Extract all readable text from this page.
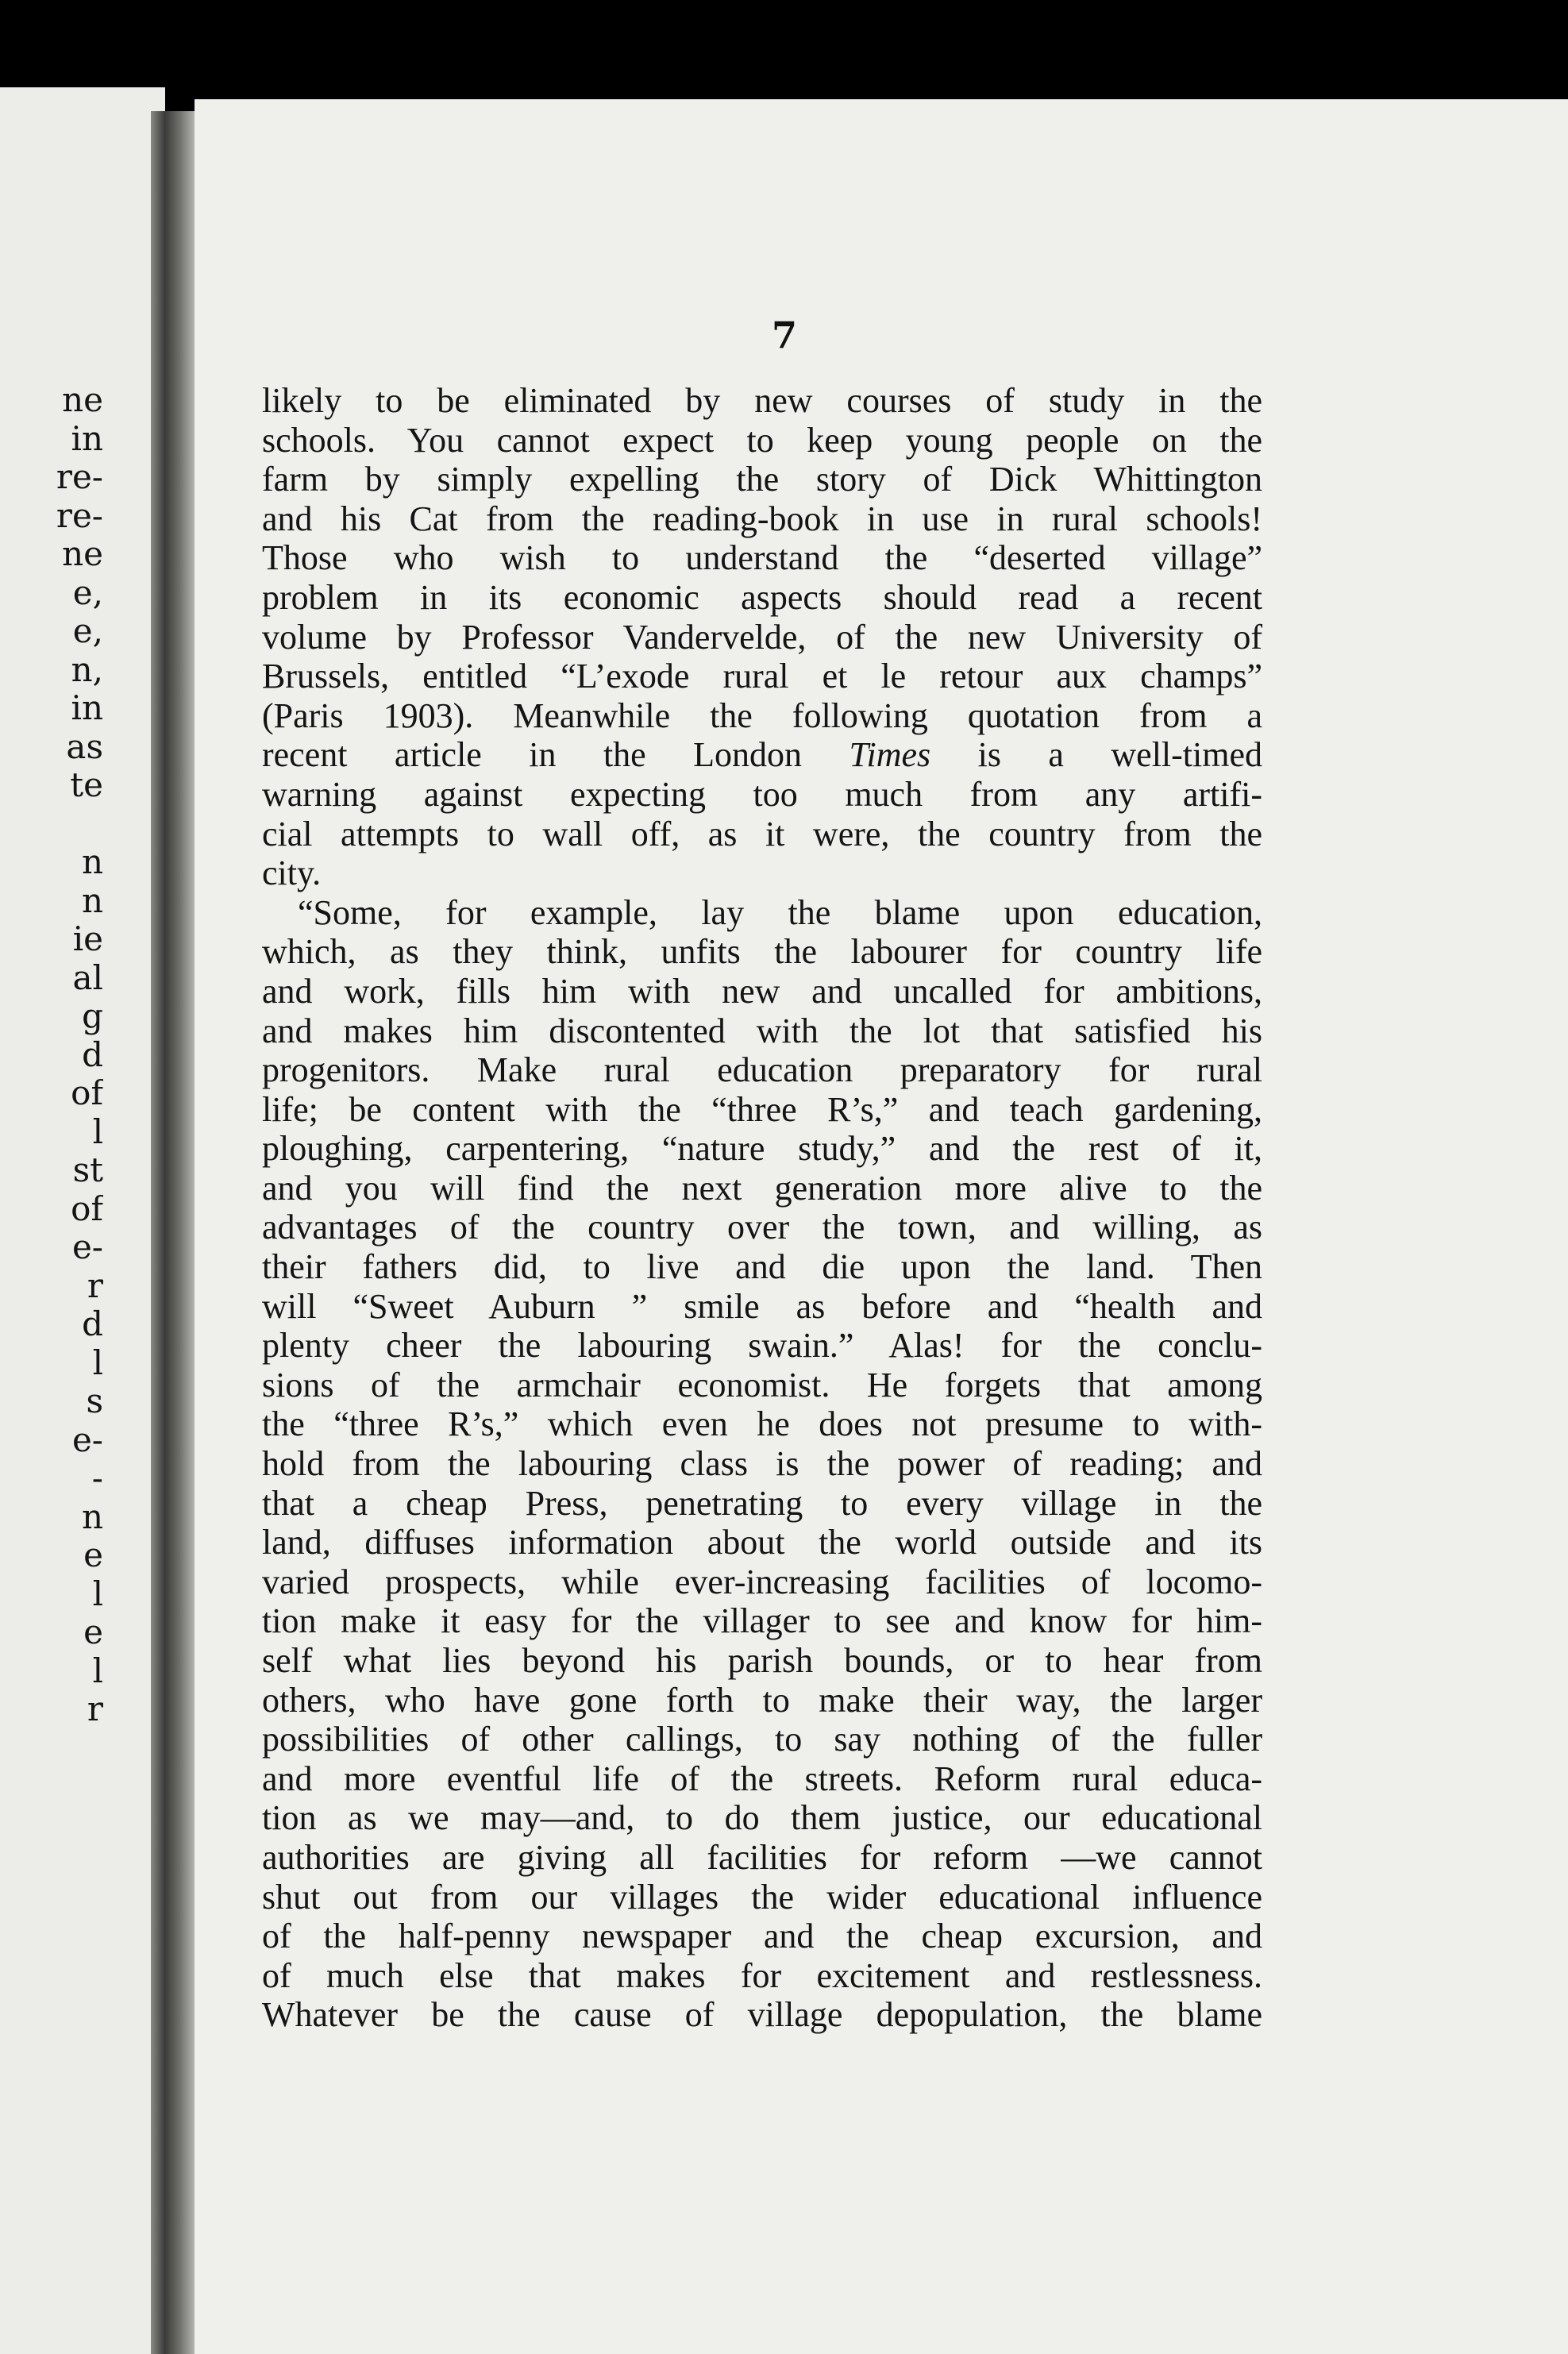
ne
in
re-
re-
ne
e,
e,
n,
in
as
te
n
n
ie
al
g
d
of
l
st
of
e-
r
d
l
s
e-
-
n
e
l
e
l
r
7
likely to be eliminated by new courses of study in the
schools. You cannot expect to keep young people on the
farm by simply expelling the story of Dick Whittington
and his Cat from the reading-book in use in rural schools!
Those who wish to understand the “deserted village”
problem in its economic aspects should read a recent
volume by Professor Vandervelde, of the new University of
Brussels, entitled “L’exode rural et le retour aux champs”
(Paris 1903). Meanwhile the following quotation from a
recent article in the London Times is a well-timed
warning against expecting too much from any artifi-
cial attempts to wall off, as it were, the country from the
city.
“Some, for example, lay the blame upon education,
which, as they think, unfits the labourer for country life
and work, fills him with new and uncalled for ambitions,
and makes him discontented with the lot that satisfied his
progenitors. Make rural education preparatory for rural
life; be content with the “three R’s,” and teach gardening,
ploughing, carpentering, “nature study,” and the rest of it,
and you will find the next generation more alive to the
advantages of the country over the town, and willing, as
their fathers did, to live and die upon the land. Then
will “Sweet Auburn ” smile as before and “health and
plenty cheer the labouring swain.” Alas! for the conclu-
sions of the armchair economist. He forgets that among
the “three R’s,” which even he does not presume to with-
hold from the labouring class is the power of reading; and
that a cheap Press, penetrating to every village in the
land, diffuses information about the world outside and its
varied prospects, while ever-increasing facilities of locomo-
tion make it easy for the villager to see and know for him-
self what lies beyond his parish bounds, or to hear from
others, who have gone forth to make their way, the larger
possibilities of other callings, to say nothing of the fuller
and more eventful life of the streets. Reform rural educa-
tion as we may—and, to do them justice, our educational
authorities are giving all facilities for reform —we cannot
shut out from our villages the wider educational influence
of the half-penny newspaper and the cheap excursion, and
of much else that makes for excitement and restlessness.
Whatever be the cause of village depopulation, the blame
